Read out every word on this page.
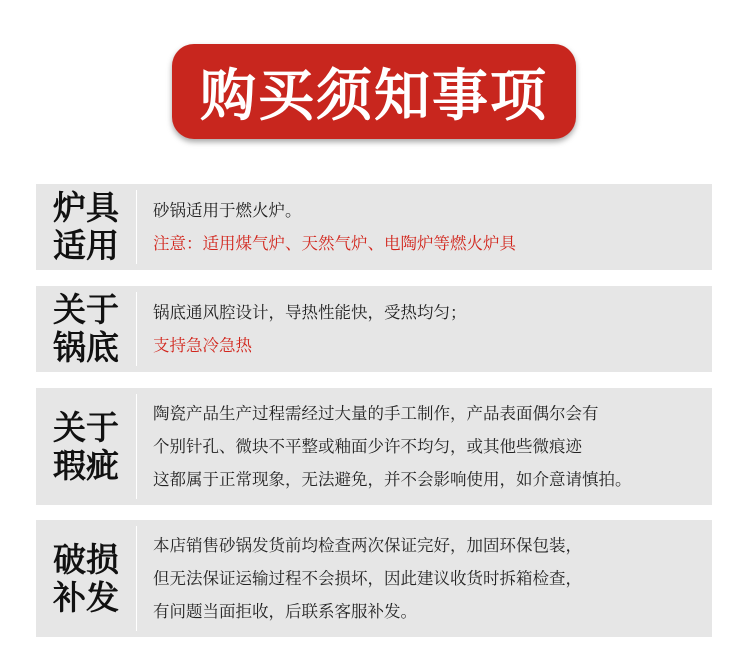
购买须知事项
炉具
适用
砂锅适用于燃火炉。
注意：适用煤气炉、天然气炉、电陶炉等燃火炉具
关于
锅底
锅底通风腔设计，导热性能快，受热均匀；
支持急冷急热
关于
瑕疵
陶瓷产品生产过程需经过大量的手工制作，产品表面偶尔会有
个别针孔、微块不平整或釉面少许不均匀，或其他些微痕迹
这都属于正常现象，无法避免，并不会影响使用，如介意请慎拍。
破损
补发
本店销售砂锅发货前均检查两次保证完好，加固环保包装，
但无法保证运输过程不会损坏，因此建议收货时拆箱检查，
有问题当面拒收，后联系客服补发。
